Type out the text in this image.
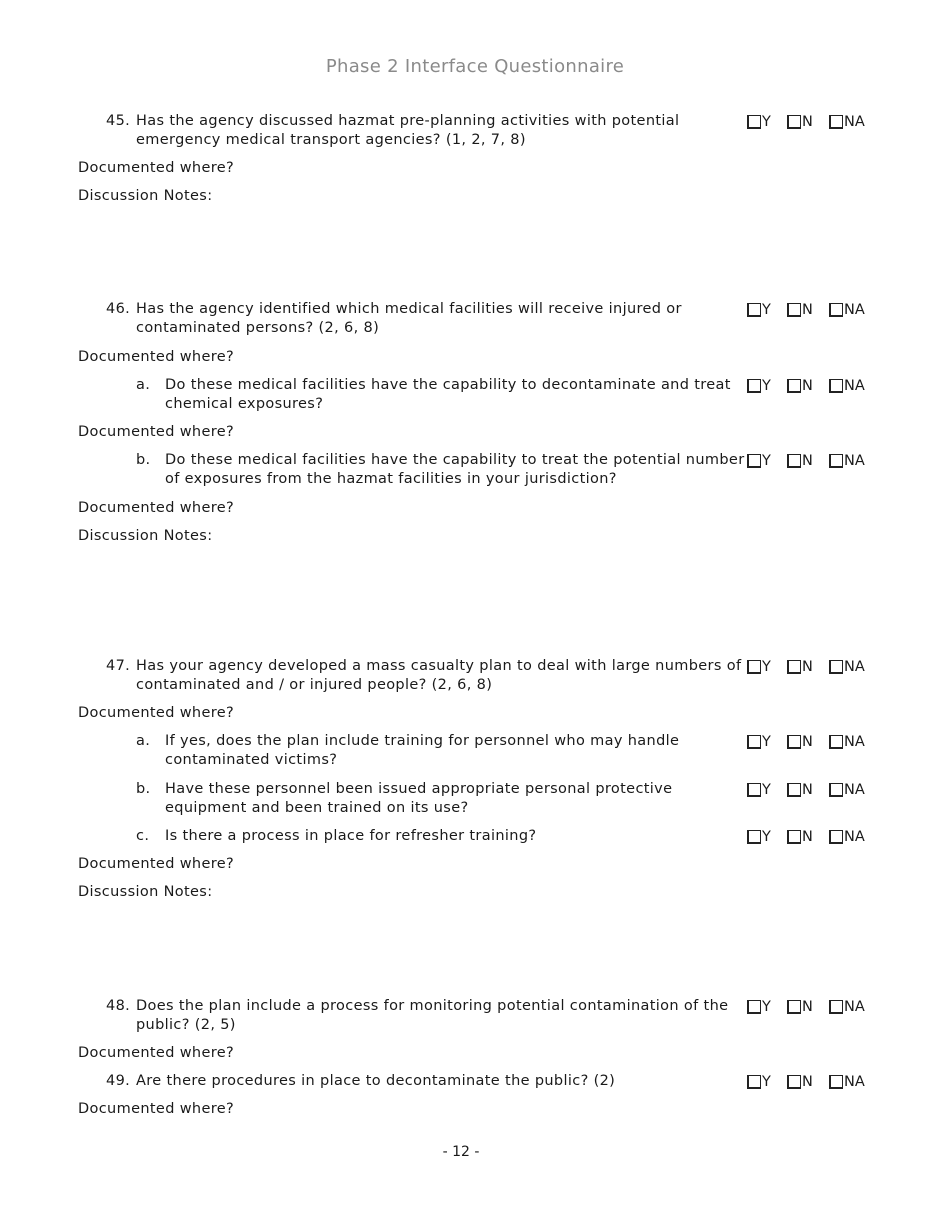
Phase 2 Interface Questionnaire
45. Has the agency discussed hazmat pre-planning activities with potential emergency medical transport agencies? (1, 2, 7, 8)
Y N NA
Documented where?
Discussion Notes:
46. Has the agency identified which medical facilities will receive injured or contaminated persons? (2, 6, 8)
Y N NA
Documented where?
a.	Do these medical facilities have the capability to decontaminate and treat chemical exposures?
Y N NA
Documented where?
b. Do these medical facilities have the capability to treat the potential number of exposures from the hazmat facilities in your jurisdiction?
Y N NA
Documented where?
Discussion Notes:
47. Has your agency developed a mass casualty plan to deal with large numbers of contaminated and / or injured people? (2, 6, 8)
Y N NA
Documented where?
a.	If yes, does the plan include training for personnel who may handle contaminated victims?
Y N NA
b. Have these personnel been issued appropriate personal protective equipment and been trained on its use?
Y N NA
c.	Is there a process in place for refresher training?	Y N NA
Documented where?
Discussion Notes:
48. Does the plan include a process for monitoring potential contamination of the public? (2, 5)
Y N NA
Documented where?
49. Are there procedures in place to decontaminate the public? (2)	Y N NA
Documented where?
- 12 -
